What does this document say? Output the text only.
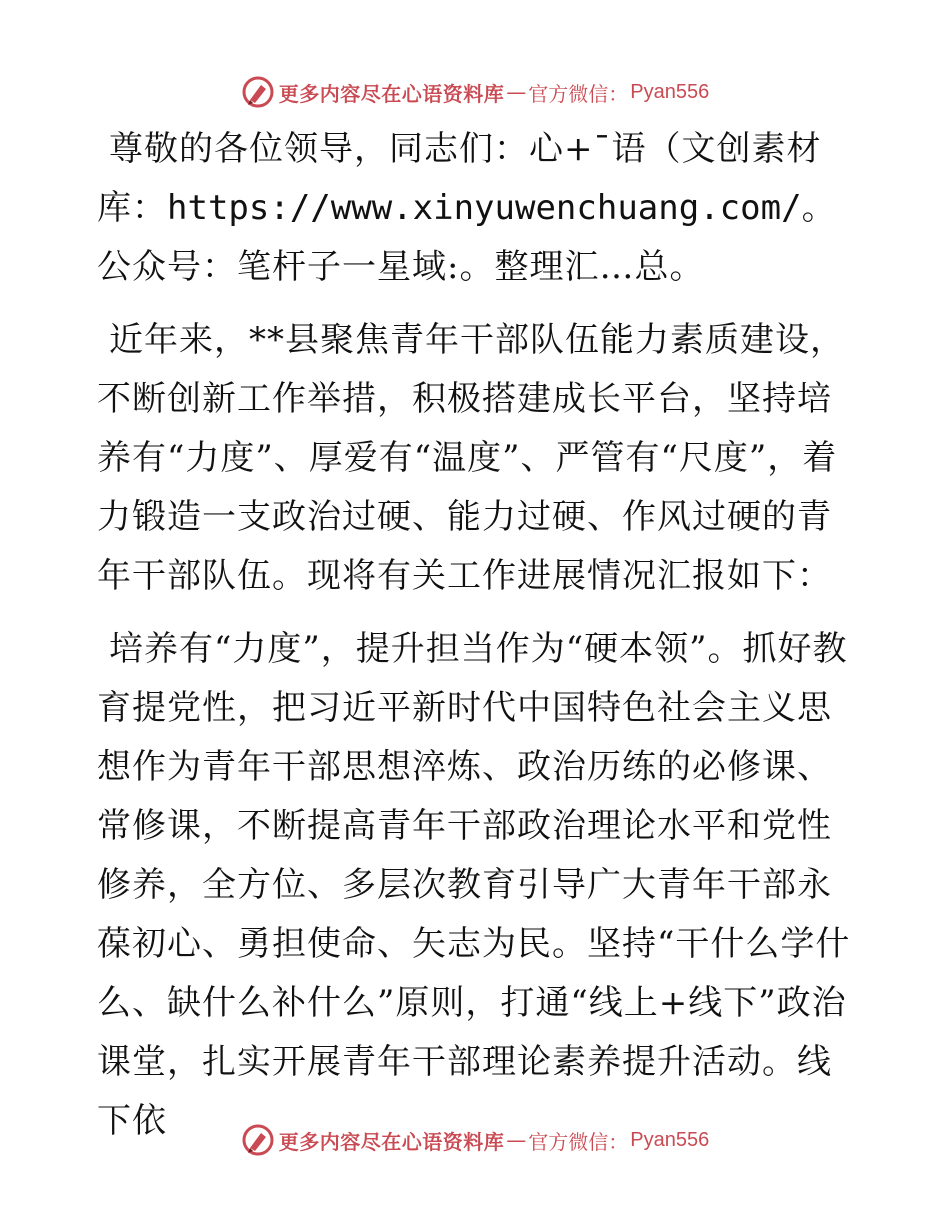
更多内容尽在心语资料库 — 官方微信： Pyan556

尊敬的各位领导，同志们：心+¯语（文创素材库：https://www.xinyuwenchuang.com/。公众号：笔杆子一星域:。整理汇…总。

近年来，**县聚焦青年干部队伍能力素质建设，不断创新工作举措，积极搭建成长平台，坚持培养有“力度”、厚爱有“温度”、严管有“尺度”，着力锻造一支政治过硬、能力过硬、作风过硬的青年干部队伍。现将有关工作进展情况汇报如下：

培养有“力度”，提升担当作为“硬本领”。抓好教育提党性，把习近平新时代中国特色社会主义思想作为青年干部思想淬炼、政治历练的必修课、常修课，不断提高青年干部政治理论水平和党性修养，全方位、多层次教育引导广大青年干部永葆初心、勇担使命、矢志为民。坚持“干什么学什么、缺什么补什么”原则，打通“线上+线下”政治课堂，扎实开展青年干部理论素养提升活动。线下依

更多内容尽在心语资料库 — 官方微信： Pyan556
